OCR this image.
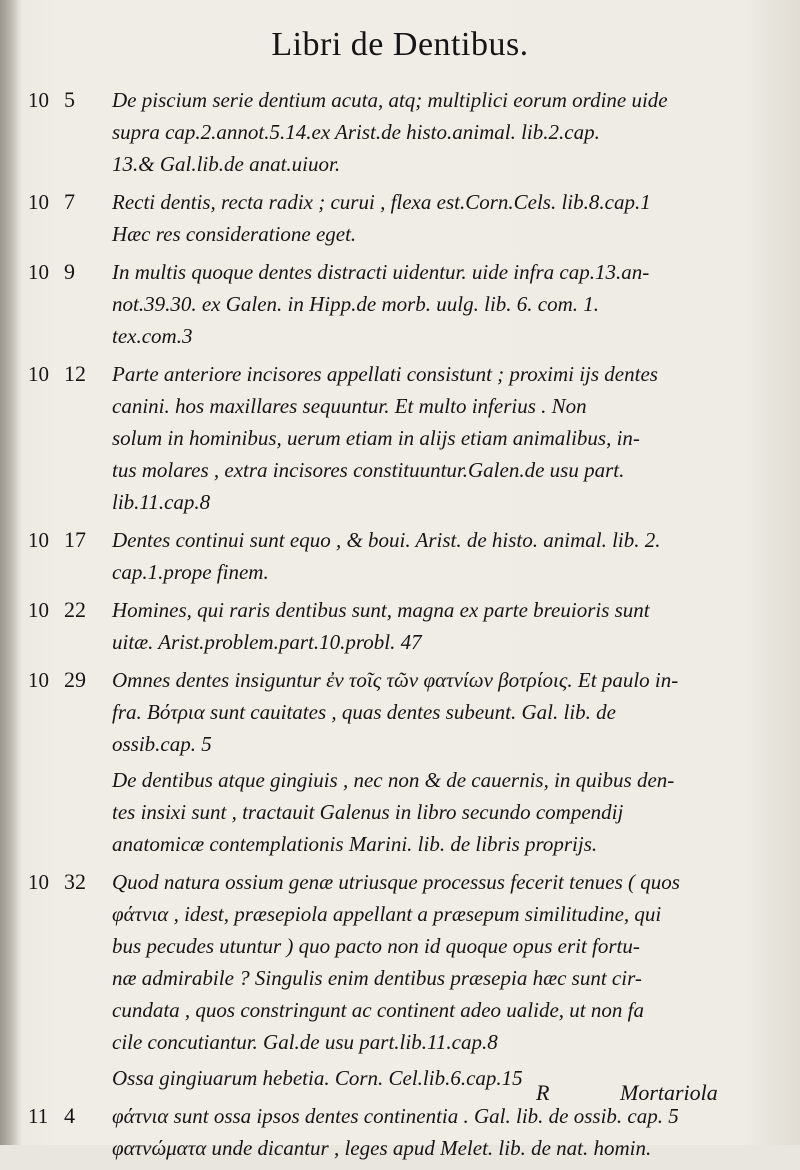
Libri de Dentibus.
10 5	De piscium serie dentium acuta, atq; multiplici eorum ordine uide
supra cap.2.annot.5.14.ex Arist.de histo.animal. lib.2.cap.
13.& Gal.lib.de anat.uiuor.
10 7	Recti dentis, recta radix ; curui , flexa est.Corn.Cels. lib.8.cap.1
Hæc res consideratione eget.
10 9	In multis quoque dentes distracti uidentur. uide infra cap.13.an-
not.39.30. ex Galen. in Hipp.de morb. uulg. lib. 6. com. 1.
tex.com.3
10 12	Parte anteriore incisores appellati consistunt ; proximi ijs dentes
canini. hos maxillares sequuntur. Et multo inferius . Non
solum in hominibus, uerum etiam in alijs etiam animalibus, in-
tus molares , extra incisores constituuntur.Galen.de usu part.
lib.11.cap.8
10 17	Dentes continui sunt equo , & boui. Arist. de histo. animal. lib. 2.
cap.1.prope finem.
10 22	Homines, qui raris dentibus sunt, magna ex parte breuioris sunt
uitæ. Arist.problem.part.10.probl. 47
10 29	Omnes dentes insiguntur ἐν τοῖς τῶν φατνίων βοτρίοις. Et paulo in-
fra. Βότρια sunt cauitates , quas dentes subeunt. Gal. lib. de
ossib.cap. 5
De dentibus atque gingiuis , nec non & de cauernis, in quibus den-
tes insixi sunt , tractauit Galenus in libro secundo compendij
anatomicæ contemplationis Marini. lib. de libris proprijs.
10 32	Quod natura ossium genæ utriusque processus fecerit tenues ( quos
φάτνια , idest, præsepiola appellant a præsepum similitudine, qui
bus pecudes utuntur ) quo pacto non id quoque opus erit fortu-
næ admirabile ? Singulis enim dentibus præsepia hæc sunt cir-
cundata , quos constringunt ac continent adeo ualide, ut non fa
cile concutiantur. Gal.de usu part.lib.11.cap.8
Ossa gingiuarum hebetia. Corn. Cel.lib.6.cap.15
11 4	φάτνια sunt ossa ipsos dentes continentia . Gal. lib. de ossib. cap. 5
φατνώματα unde dicantur , leges apud Melet. lib. de nat. homin.
R	Mortariola
